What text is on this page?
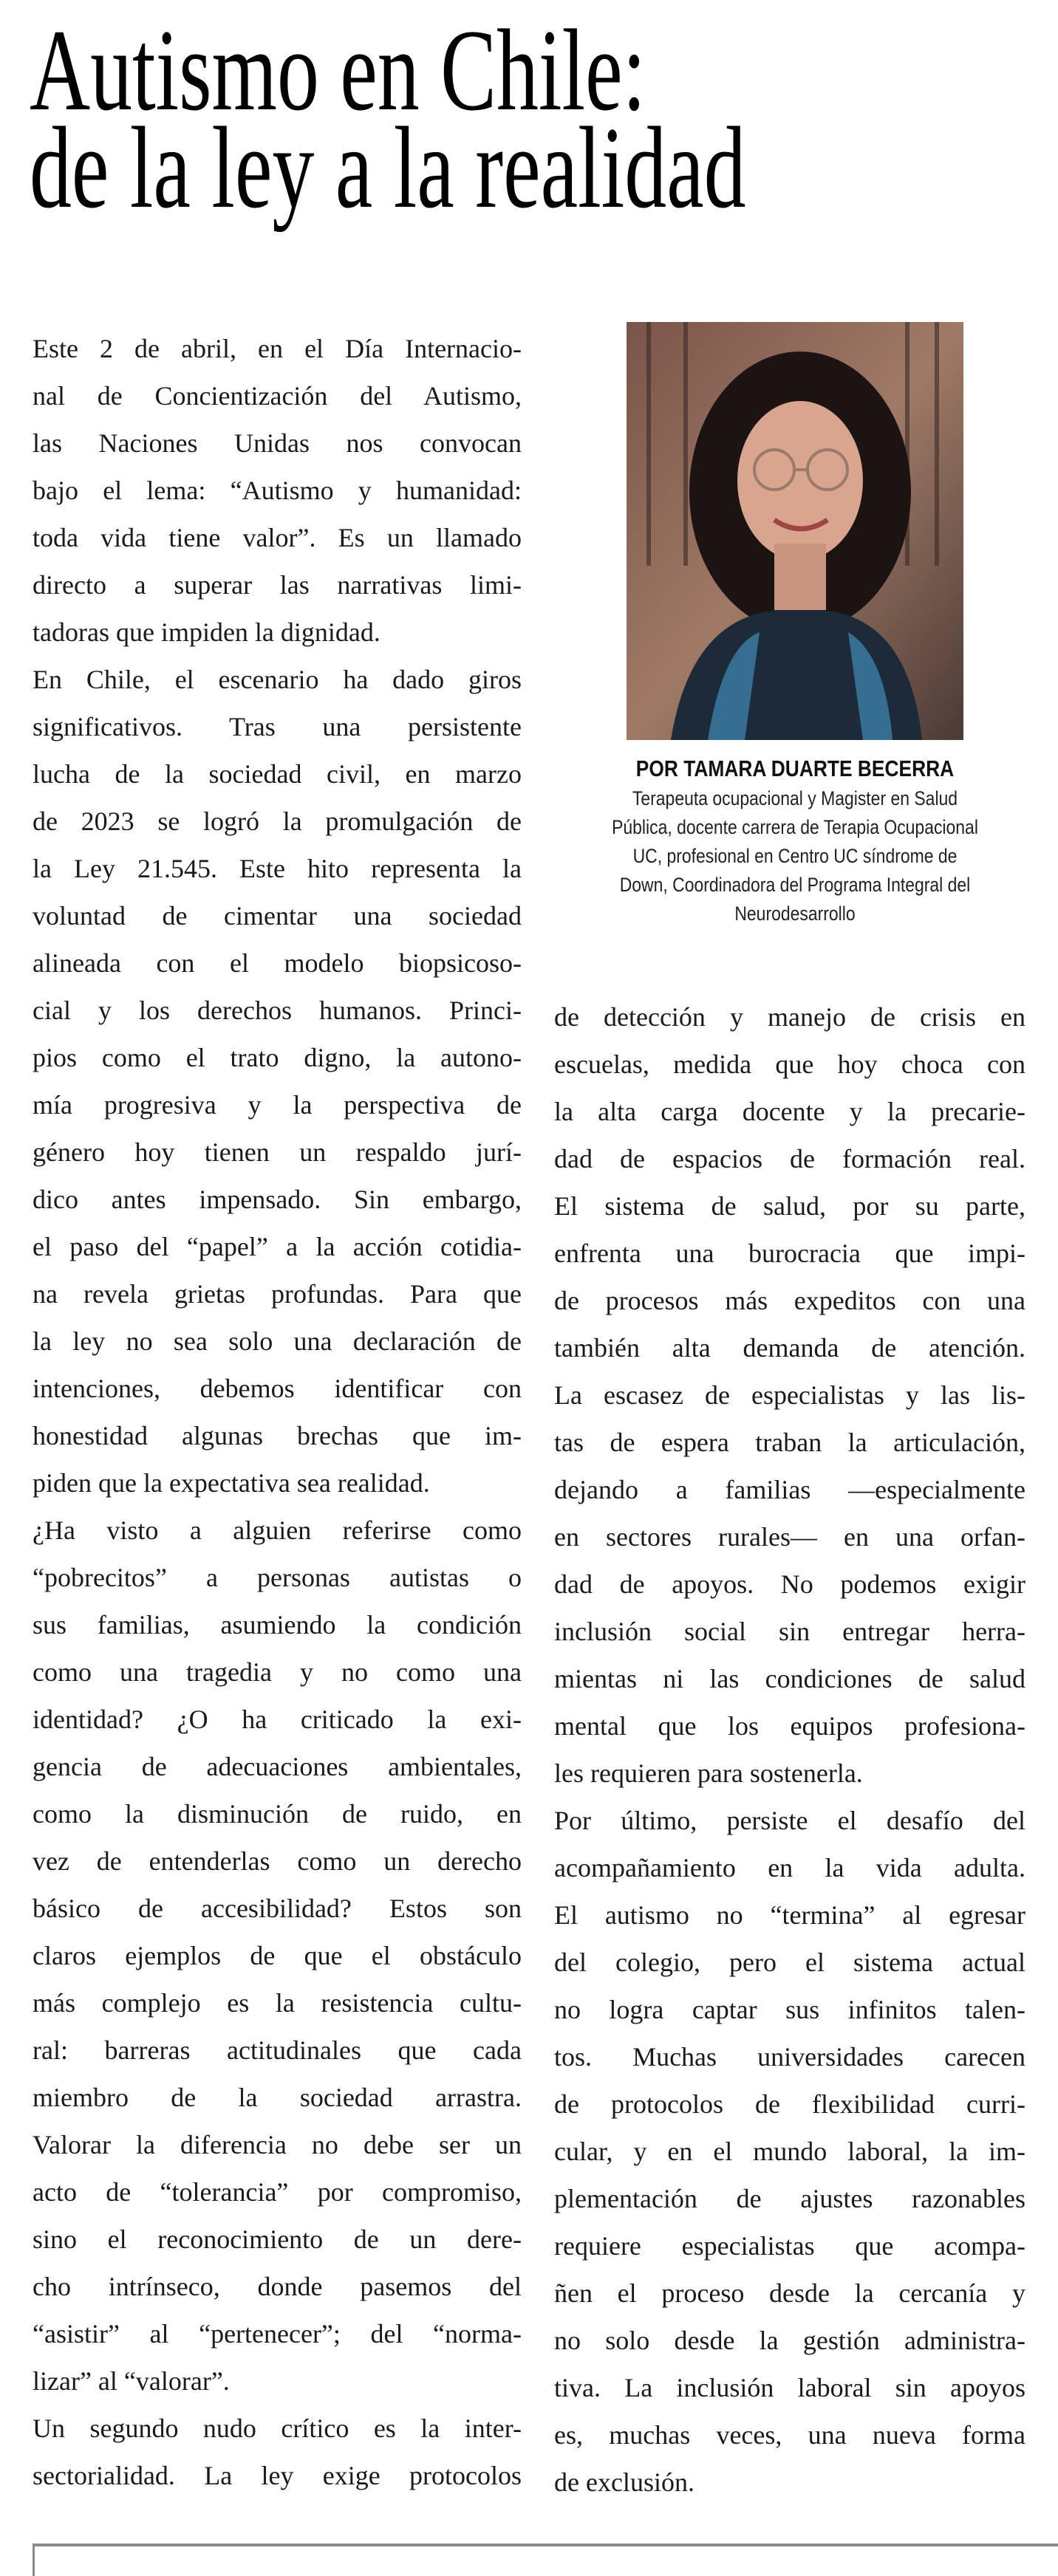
Autismo en Chile:
de la ley a la realidad
Este 2 de abril, en el Día Internacio-
nal de Concientización del Autismo,
las Naciones Unidas nos convocan
bajo el lema: “Autismo y humanidad:
toda vida tiene valor”. Es un llamado
directo a superar las narrativas limi-
tadoras que impiden la dignidad.
En Chile, el escenario ha dado giros
significativos. Tras una persistente
lucha de la sociedad civil, en marzo
de 2023 se logró la promulgación de
la Ley 21.545. Este hito representa la
voluntad de cimentar una sociedad
alineada con el modelo biopsicoso-
cial y los derechos humanos. Princi-
pios como el trato digno, la autono-
mía progresiva y la perspectiva de
género hoy tienen un respaldo jurí-
dico antes impensado. Sin embargo,
el paso del “papel” a la acción cotidia-
na revela grietas profundas. Para que
la ley no sea solo una declaración de
intenciones, debemos identificar con
honestidad algunas brechas que im-
piden que la expectativa sea realidad.
¿Ha visto a alguien referirse como
“pobrecitos” a personas autistas o
sus familias, asumiendo la condición
como una tragedia y no como una
identidad? ¿O ha criticado la exi-
gencia de adecuaciones ambientales,
como la disminución de ruido, en
vez de entenderlas como un derecho
básico de accesibilidad? Estos son
claros ejemplos de que el obstáculo
más complejo es la resistencia cultu-
ral: barreras actitudinales que cada
miembro de la sociedad arrastra.
Valorar la diferencia no debe ser un
acto de “tolerancia” por compromiso,
sino el reconocimiento de un dere-
cho intrínseco, donde pasemos del
“asistir” al “pertenecer”; del “norma-
lizar” al “valorar”.
Un segundo nudo crítico es la inter-
sectorialidad. La ley exige protocolos
POR TAMARA DUARTE BECERRA
Terapeuta ocupacional y Magister en Salud
Pública, docente carrera de Terapia Ocupacional
UC, profesional en Centro UC síndrome de
Down, Coordinadora del Programa Integral del
Neurodesarrollo
de detección y manejo de crisis en
escuelas, medida que hoy choca con
la alta carga docente y la precarie-
dad de espacios de formación real.
El sistema de salud, por su parte,
enfrenta una burocracia que impi-
de procesos más expeditos con una
también alta demanda de atención.
La escasez de especialistas y las lis-
tas de espera traban la articulación,
dejando a familias —especialmente
en sectores rurales— en una orfan-
dad de apoyos. No podemos exigir
inclusión social sin entregar herra-
mientas ni las condiciones de salud
mental que los equipos profesiona-
les requieren para sostenerla.
Por último, persiste el desafío del
acompañamiento en la vida adulta.
El autismo no “termina” al egresar
del colegio, pero el sistema actual
no logra captar sus infinitos talen-
tos. Muchas universidades carecen
de protocolos de flexibilidad curri-
cular, y en el mundo laboral, la im-
plementación de ajustes razonables
requiere especialistas que acompa-
ñen el proceso desde la cercanía y
no solo desde la gestión administra-
tiva. La inclusión laboral sin apoyos
es, muchas veces, una nueva forma
de exclusión.
